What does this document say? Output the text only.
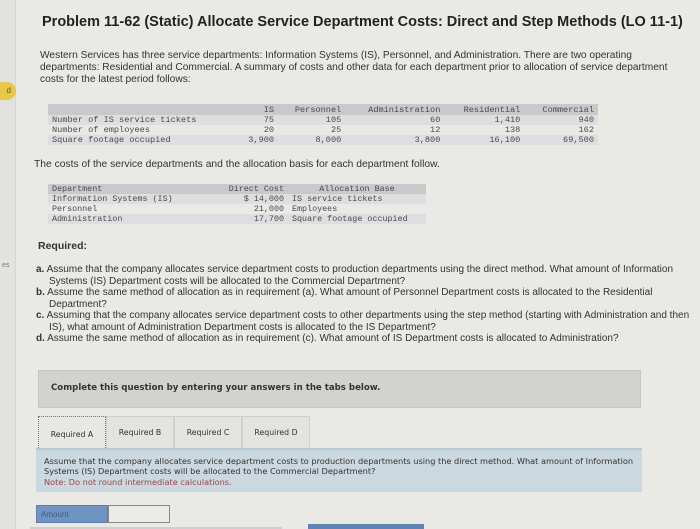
d
es
Problem 11-62 (Static) Allocate Service Department Costs: Direct and Step Methods (LO 11-1)
Western Services has three service departments: Information Systems (IS), Personnel, and Administration. There are two operating departments: Residential and Commercial. A summary of costs and other data for each department prior to allocation of service department costs for the latest period follows:
	IS	Personnel	Administration	Residential	Commercial
Number of IS service tickets	75	105	60	1,410	940
Number of employees	20	25	12	138	162
Square footage occupied	3,900	8,000	3,800	16,100	69,500
The costs of the service departments and the allocation basis for each department follow.
Department	Direct Cost	Allocation Base
Information Systems (IS)	$ 14,000	IS service tickets
Personnel	21,000	Employees
Administration	17,700	Square footage occupied
Required:
a. Assume that the company allocates service department costs to production departments using the direct method. What amount of Information Systems (IS) Department costs will be allocated to the Commercial Department?
b. Assume the same method of allocation as in requirement (a). What amount of Personnel Department costs is allocated to the Residential Department?
c. Assuming that the company allocates service department costs to other departments using the step method (starting with Administration and then IS), what amount of Administration Department costs is allocated to the IS Department?
d. Assume the same method of allocation as in requirement (c). What amount of IS Department costs is allocated to Administration?
Complete this question by entering your answers in the tabs below.
Required A	Required B	Required C	Required D
Assume that the company allocates service department costs to production departments using the direct method. What amount of Information Systems (IS) Department costs will be allocated to the Commercial Department?
Note: Do not round intermediate calculations.
Amount
